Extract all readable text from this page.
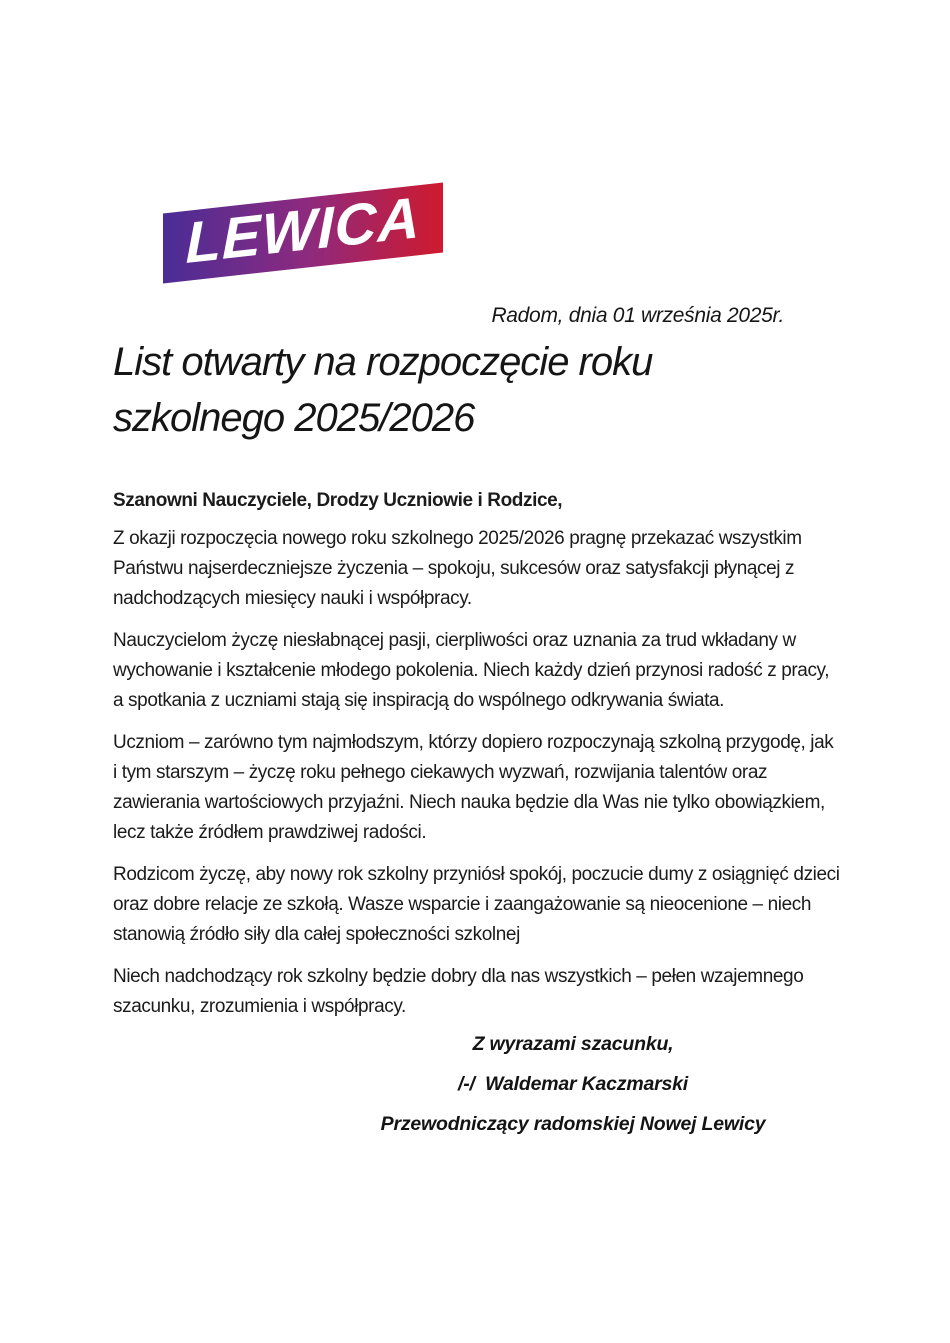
LEWICA
Radom, dnia 01 września 2025r.
List otwarty na rozpoczęcie roku szkolnego 2025/2026

Szanowni Nauczyciele, Drodzy Uczniowie i Rodzice,

Z okazji rozpoczęcia nowego roku szkolnego 2025/2026 pragnę przekazać wszystkim Państwu najserdeczniejsze życzenia – spokoju, sukcesów oraz satysfakcji płynącej z nadchodzących miesięcy nauki i współpracy.

Nauczycielom życzę niesłabnącej pasji, cierpliwości oraz uznania za trud wkładany w wychowanie i kształcenie młodego pokolenia. Niech każdy dzień przynosi radość z pracy, a spotkania z uczniami stają się inspiracją do wspólnego odkrywania świata.

Uczniom – zarówno tym najmłodszym, którzy dopiero rozpoczynają szkolną przygodę, jak i tym starszym – życzę roku pełnego ciekawych wyzwań, rozwijania talentów oraz zawierania wartościowych przyjaźni. Niech nauka będzie dla Was nie tylko obowiązkiem, lecz także źródłem prawdziwej radości.

Rodzicom życzę, aby nowy rok szkolny przyniósł spokój, poczucie dumy z osiągnięć dzieci oraz dobre relacje ze szkołą. Wasze wsparcie i zaangażowanie są nieocenione – niech stanowią źródło siły dla całej społeczności szkolnej

Niech nadchodzący rok szkolny będzie dobry dla nas wszystkich – pełen wzajemnego szacunku, zrozumienia i współpracy.

Z wyrazami szacunku,

/-/  Waldemar Kaczmarski

Przewodniczący radomskiej Nowej Lewicy
